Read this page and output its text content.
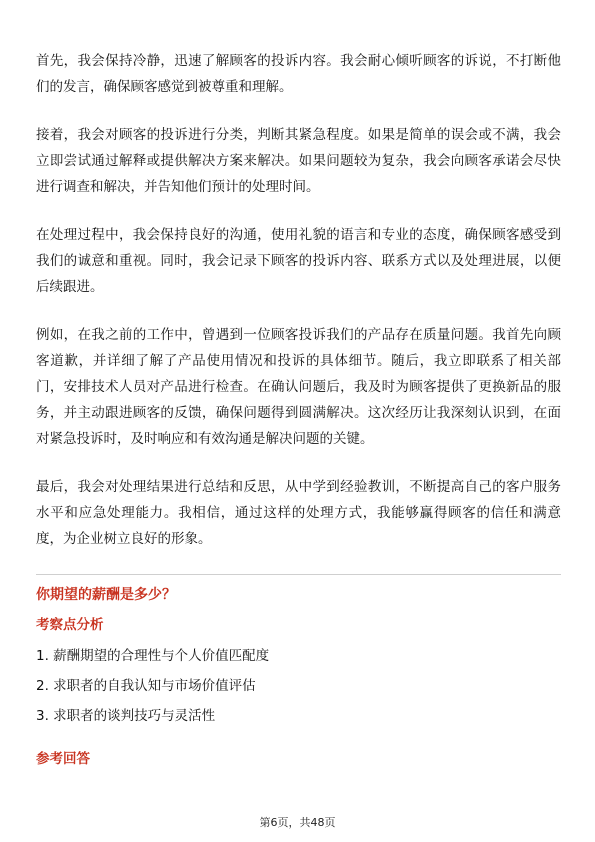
首先，我会保持冷静，迅速了解顾客的投诉内容。我会耐心倾听顾客的诉说，不打断他们的发言，确保顾客感觉到被尊重和理解。

接着，我会对顾客的投诉进行分类，判断其紧急程度。如果是简单的误会或不满，我会立即尝试通过解释或提供解决方案来解决。如果问题较为复杂，我会向顾客承诺会尽快进行调查和解决，并告知他们预计的处理时间。

在处理过程中，我会保持良好的沟通，使用礼貌的语言和专业的态度，确保顾客感受到我们的诚意和重视。同时，我会记录下顾客的投诉内容、联系方式以及处理进展，以便后续跟进。

例如，在我之前的工作中，曾遇到一位顾客投诉我们的产品存在质量问题。我首先向顾客道歉，并详细了解了产品使用情况和投诉的具体细节。随后，我立即联系了相关部门，安排技术人员对产品进行检查。在确认问题后，我及时为顾客提供了更换新品的服务，并主动跟进顾客的反馈，确保问题得到圆满解决。这次经历让我深刻认识到，在面对紧急投诉时，及时响应和有效沟通是解决问题的关键。

最后，我会对处理结果进行总结和反思，从中学到经验教训，不断提高自己的客户服务水平和应急处理能力。我相信，通过这样的处理方式，我能够赢得顾客的信任和满意度，为企业树立良好的形象。

你期望的薪酬是多少？
考察点分析
1. 薪酬期望的合理性与个人价值匹配度
2. 求职者的自我认知与市场价值评估
3. 求职者的谈判技巧与灵活性
参考回答
第6页，共48页
